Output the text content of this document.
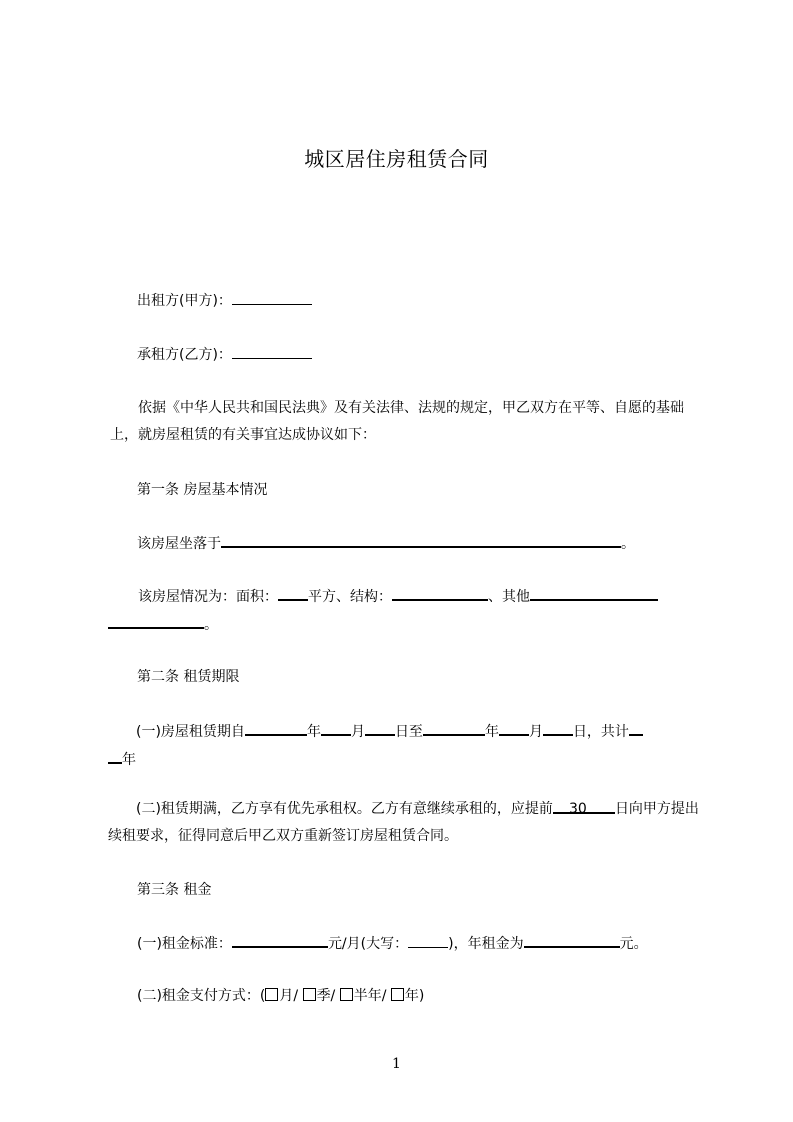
城区居住房租赁合同
出租方(甲方)：
承租方(乙方)：
依据《中华人民共和国民法典》及有关法律、法规的规定，甲乙双方在平等、自愿的基础上，就房屋租赁的有关事宜达成协议如下：
第一条 房屋基本情况
该房屋坐落于	。
该房屋情况为：面积： 平方、结构：	、其他
。
第二条 租赁期限
(一)房屋租赁期自	年 月 日至	年 月 日，共计
年
(二)租赁期满，乙方享有优先承租权。乙方有意继续承租的，应提前 30 日向甲方提出续租要求，征得同意后甲乙双方重新签订房屋租赁合同。
第三条 租金
(一)租金标准：	元/月(大写：	)，年租金为	元。
(二)租金支付方式：( 月/ 季/ 半年/ 年)
1
